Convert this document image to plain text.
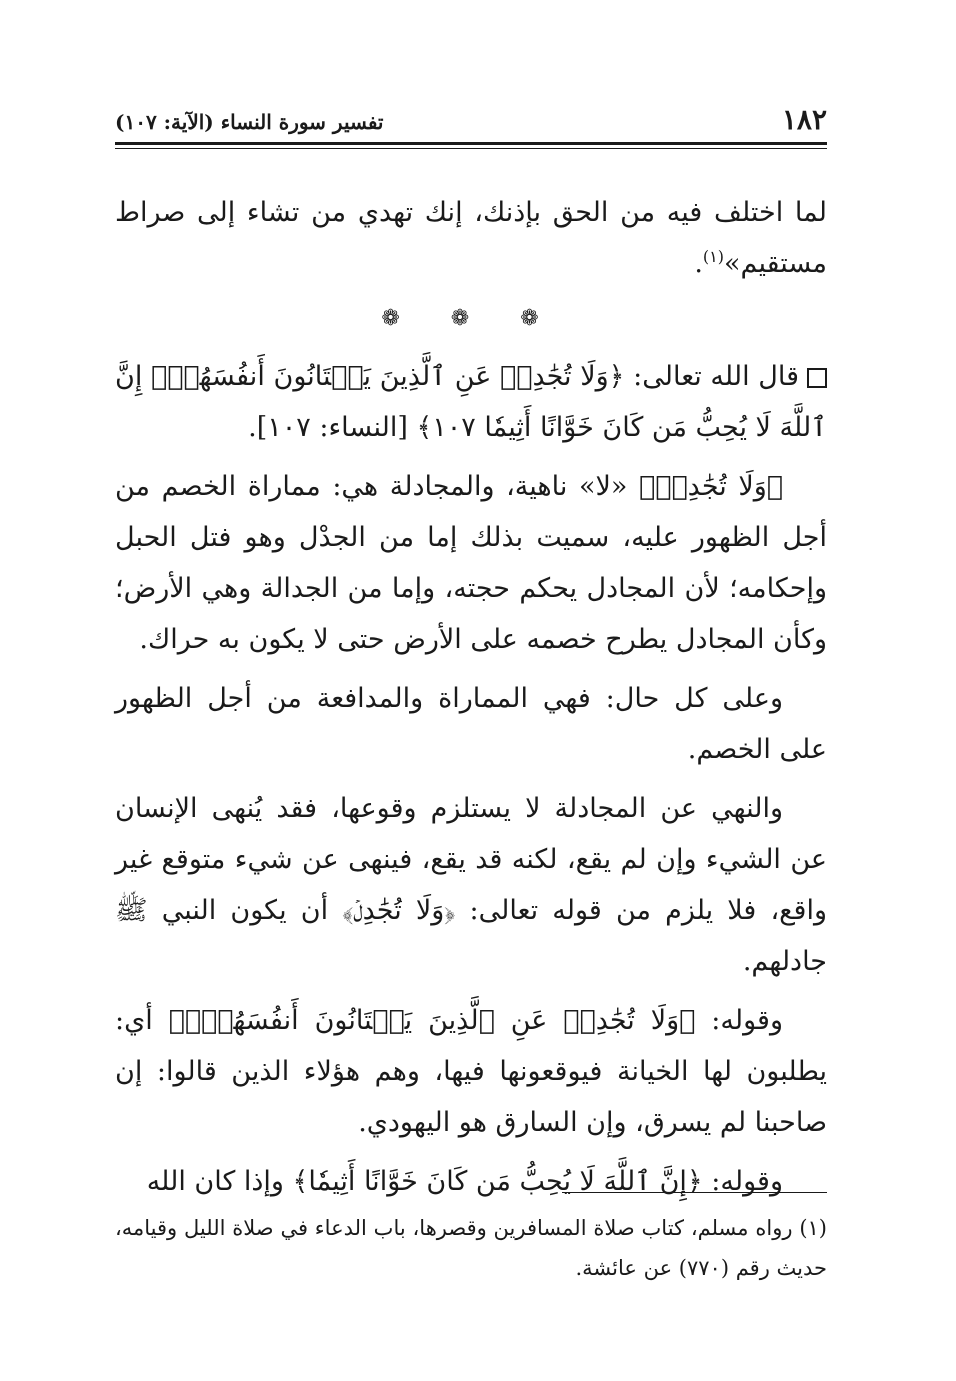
١٨٢
تفسير سورة النساء (الآية: ١٠٧)

لما اختلف فيه من الحق بإذنك، إنك تهدي من تشاء إلى صراط مستقيم»$^{(١)}$.

❁ ❁ ❁

قال الله تعالى: ﴿وَلَا تُجَٰدِلۡ عَنِ ٱلَّذِينَ يَخۡتَانُونَ أَنفُسَهُمۡۚ إِنَّ ٱللَّهَ لَا يُحِبُّ مَن كَانَ خَوَّانًا أَثِيمٗا ١٠٧﴾ [النساء: ١٠٧].

﴿وَلَا تُجَٰدِلۡ﴾ «لا» ناهية، والمجادلة هي: مماراة الخصم من أجل الظهور عليه، سميت بذلك إما من الجدْل وهو فتل الحبل وإحكامه؛ لأن المجادل يحكم حجته، وإما من الجدالة وهي الأرض؛ وكأن المجادل يطرح خصمه على الأرض حتى لا يكون به حراك.

وعلى كل حال: فهي المماراة والمدافعة من أجل الظهور على الخصم.

والنهي عن المجادلة لا يستلزم وقوعها، فقد يُنهى الإنسان عن الشيء وإن لم يقع، لكنه قد يقع، فينهى عن شيء متوقع غير واقع، فلا يلزم من قوله تعالى: ﴿وَلَا تُجَٰدِلۡ﴾ أن يكون النبي ﷺ جادلهم.

وقوله: ﴿وَلَا تُجَٰدِلۡ عَنِ ٱلَّذِينَ يَخۡتَانُونَ أَنفُسَهُمۡۚ﴾ أي: يطلبون لها الخيانة فيوقعونها فيها، وهم هؤلاء الذين قالوا: إن صاحبنا لم يسرق، وإن السارق هو اليهودي.

وقوله: ﴿إِنَّ ٱللَّهَ لَا يُحِبُّ مَن كَانَ خَوَّانًا أَثِيمٗا﴾ وإذا كان الله

(١) رواه مسلم، كتاب صلاة المسافرين وقصرها، باب الدعاء في صلاة الليل وقيامه، حديث رقم (٧٧٠) عن عائشة.
